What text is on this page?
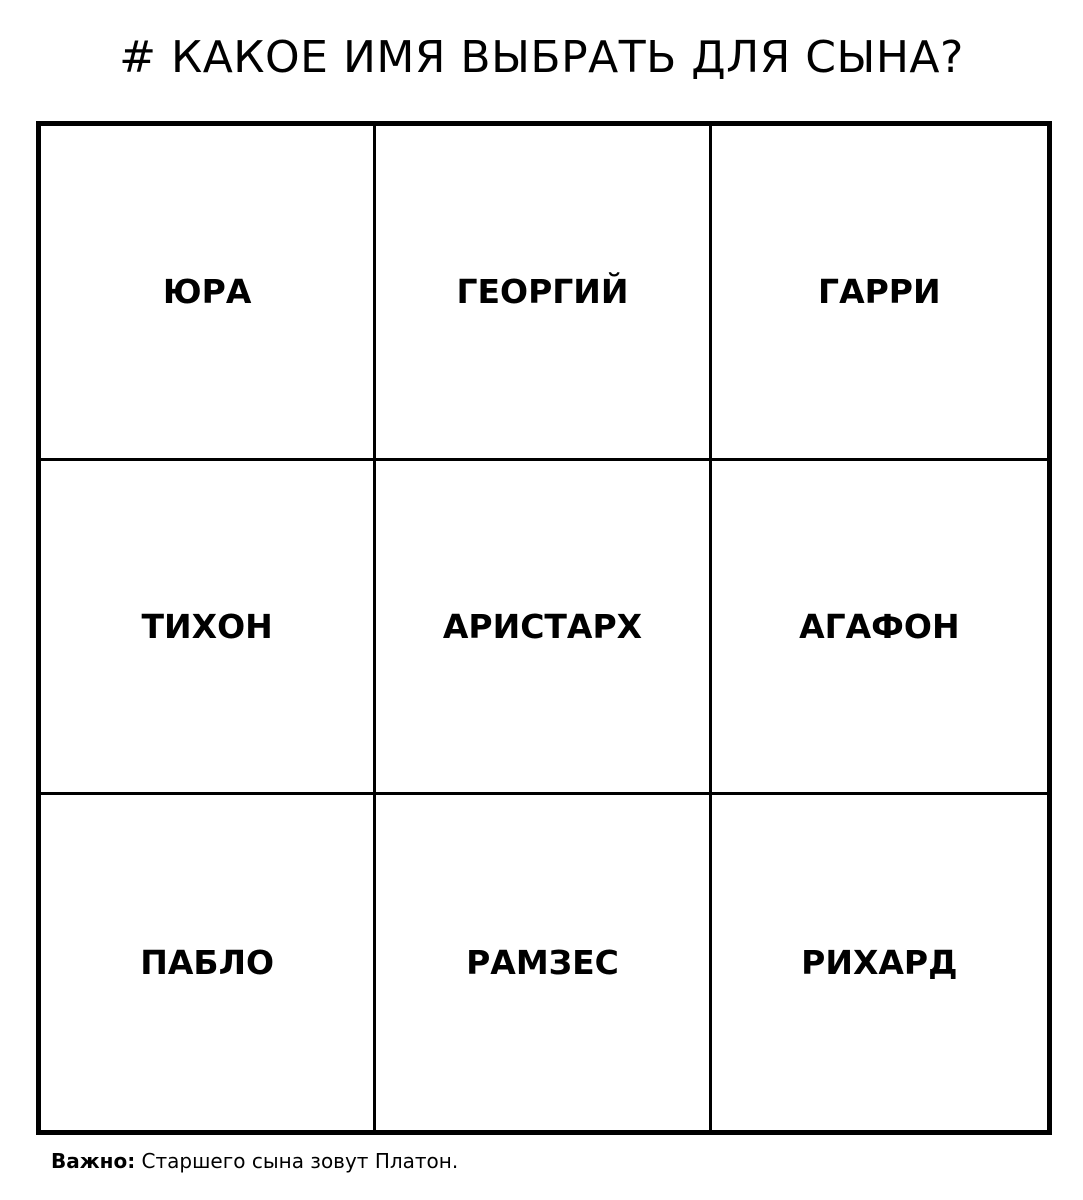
# КАКОЕ ИМЯ ВЫБРАТЬ ДЛЯ СЫНА?
ЮРА	ГЕОРГИЙ	ГАРРИ
ТИХОН	АРИСТАРХ	АГАФОН
ПАБЛО	РАМЗЕС	РИХАРД
Важно: Старшего сына зовут Платон.
